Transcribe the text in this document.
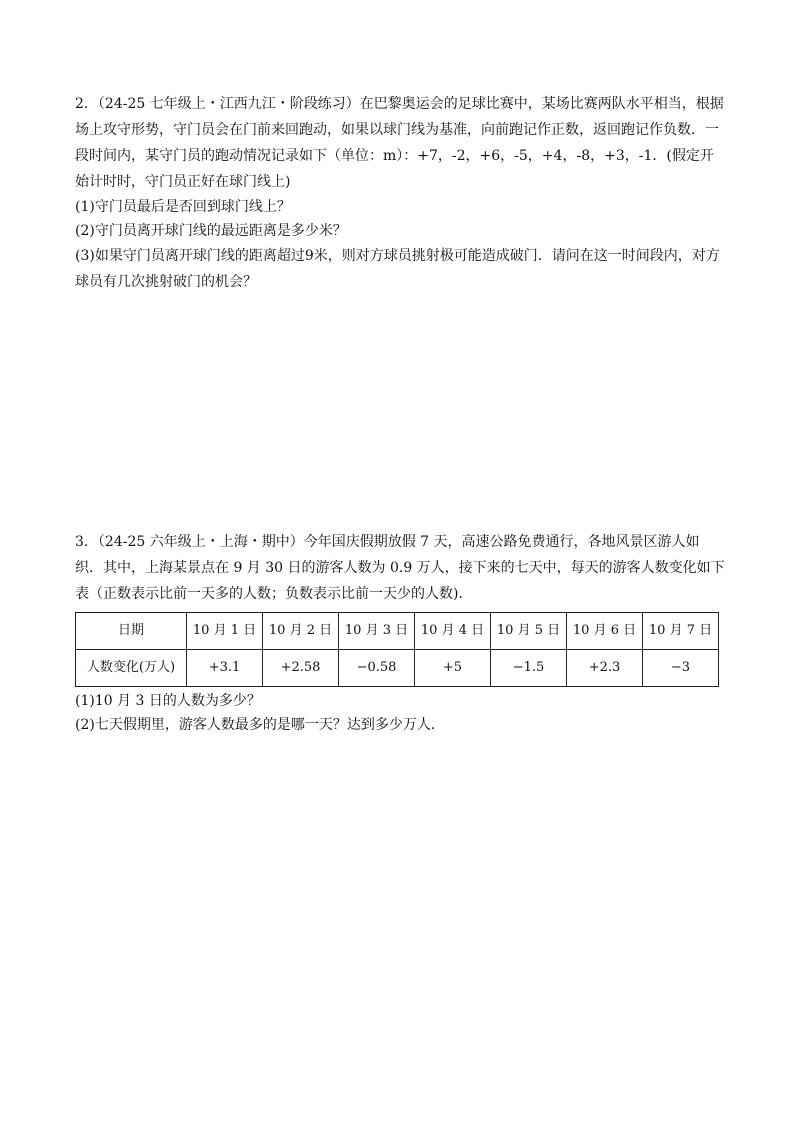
2．（24-25 七年级上・江西九江・阶段练习）在巴黎奥运会的足球比赛中，某场比赛两队水平相当，根据场上攻守形势，守门员会在门前来回跑动，如果以球门线为基准，向前跑记作正数，返回跑记作负数．一段时间内，某守门员的跑动情况记录如下（单位：m）：+7，-2，+6，-5，+4，-8，+3，-1．(假定开始计时时，守门员正好在球门线上)

(1)守门员最后是否回到球门线上？

(2)守门员离开球门线的最远距离是多少米？

(3)如果守门员离开球门线的距离超过9米，则对方球员挑射极可能造成破门．请问在这一时间段内，对方球员有几次挑射破门的机会？

3．（24-25 六年级上・上海・期中）今年国庆假期放假 7 天，高速公路免费通行，各地风景区游人如织．其中，上海某景点在 9 月 30 日的游客人数为 0.9 万人，接下来的七天中，每天的游客人数变化如下表（正数表示比前一天多的人数；负数表示比前一天少的人数)．

日期	10 月 1 日	10 月 2 日	10 月 3 日	10 月 4 日	10 月 5 日	10 月 6 日	10 月 7 日
人数变化(万人)	+3.1	+2.58	−0.58	+5	−1.5	+2.3	−3

(1)10 月 3 日的人数为多少？

(2)七天假期里，游客人数最多的是哪一天？达到多少万人．
